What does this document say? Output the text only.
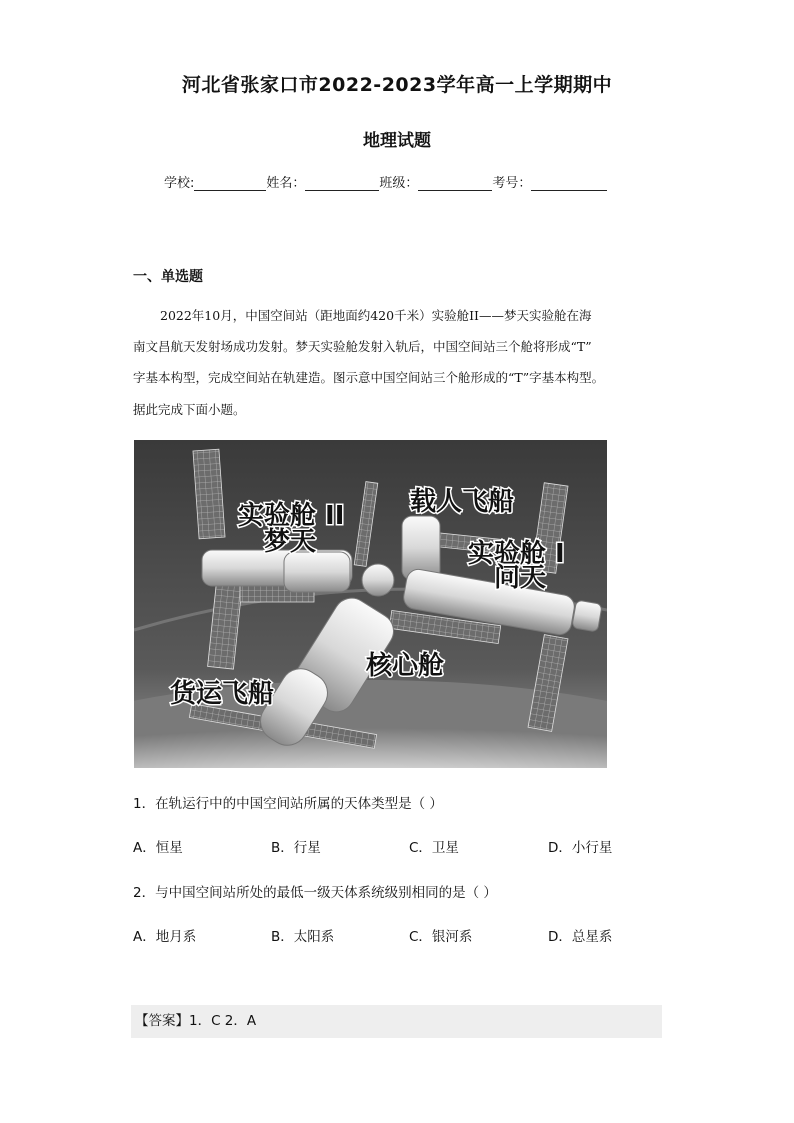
河北省张家口市2022-2023学年高一上学期期中
地理试题
学校:	姓名：	班级：	考号：
一、单选题
2022年10月，中国空间站（距地面约420千米）实验舱II——梦天实验舱在海
南文昌航天发射场成功发射。梦天实验舱发射入轨后，中国空间站三个舱将形成“T”
字基本构型，完成空间站在轨建造。图示意中国空间站三个舱形成的“T”字基本构型。
据此完成下面小题。
实验舱 II
梦天
载人飞船
实验舱 I
问天
核心舱
货运飞船
1．在轨运行中的中国空间站所属的天体类型是（ ）
A．恒星	B．行星	C．卫星	D．小行星
2．与中国空间站所处的最低一级天体系统级别相同的是（ ）
A．地月系	B．太阳系	C．银河系	D．总星系
【答案】1．C 2．A
